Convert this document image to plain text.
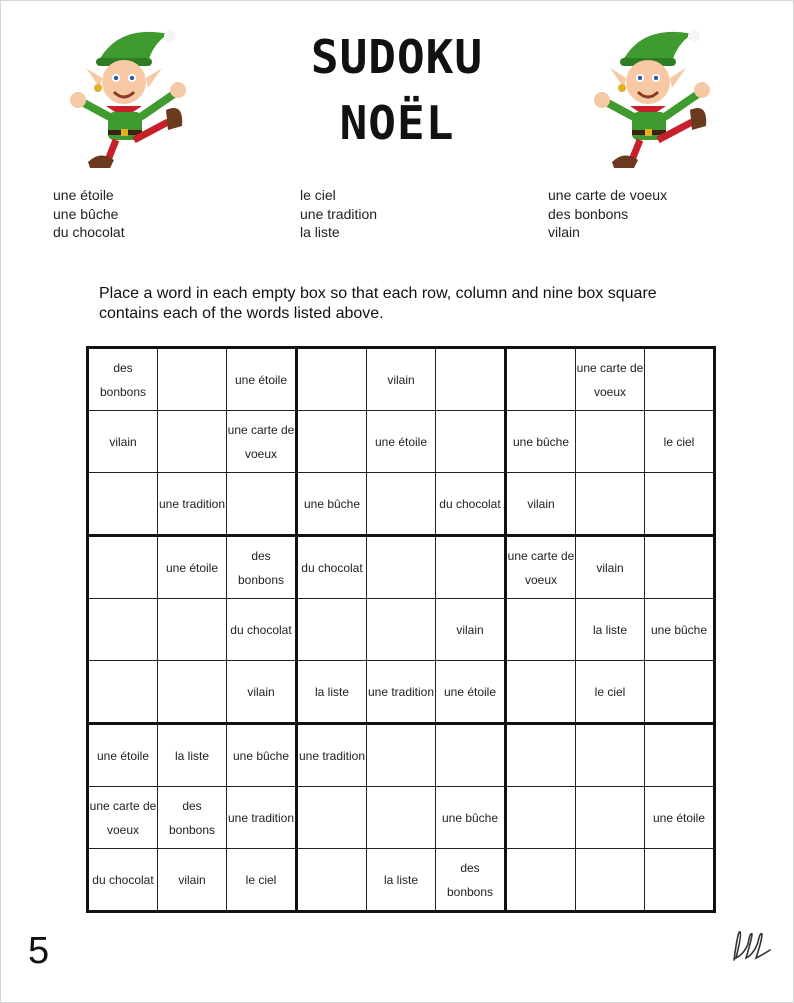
SUDOKU
NOËL
une étoile
une bûche
du chocolat
le ciel
une tradition
la liste
une carte de voeux
des bonbons
vilain
Place a word in each empty box so that each row, column and nine box square contains each of the words listed above.
des bonbons		une étoile		vilain			une carte de voeux	
vilain		une carte de voeux		une étoile		une bûche		le ciel
	une tradition		une bûche		du chocolat	vilain		
	une étoile	des bonbons	du chocolat			une carte de voeux	vilain	
		du chocolat			vilain		la liste	une bûche
		vilain	la liste	une tradition	une étoile		le ciel	
une étoile	la liste	une bûche	une tradition					
une carte de voeux	des bonbons	une tradition			une bûche			une étoile
du chocolat	vilain	le ciel		la liste	des bonbons			
5
